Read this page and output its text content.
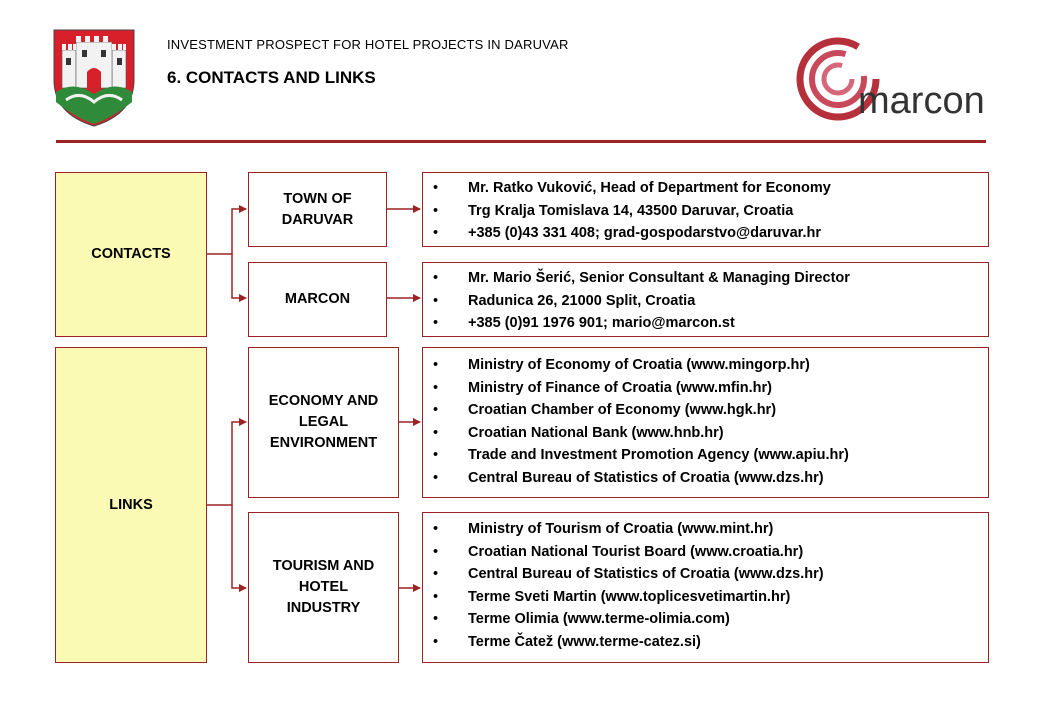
INVESTMENT PROSPECT FOR HOTEL PROJECTS IN DARUVAR
6. CONTACTS AND LINKS
marcon
CONTACTS
TOWN OF DARUVAR
• Mr. Ratko Vuković, Head of Department for Economy
• Trg Kralja Tomislava 14, 43500 Daruvar, Croatia
• +385 (0)43 331 408; grad-gospodarstvo@daruvar.hr
MARCON
• Mr. Mario Šerić, Senior Consultant & Managing Director
• Radunica 26, 21000 Split, Croatia
• +385 (0)91 1976 901; mario@marcon.st
LINKS
ECONOMY AND LEGAL ENVIRONMENT
• Ministry of Economy of Croatia (www.mingorp.hr)
• Ministry of Finance of Croatia (www.mfin.hr)
• Croatian Chamber of Economy (www.hgk.hr)
• Croatian National Bank (www.hnb.hr)
• Trade and Investment Promotion Agency (www.apiu.hr)
• Central Bureau of Statistics of Croatia (www.dzs.hr)
TOURISM AND HOTEL INDUSTRY
• Ministry of Tourism of Croatia (www.mint.hr)
• Croatian National Tourist Board (www.croatia.hr)
• Central Bureau of Statistics of Croatia (www.dzs.hr)
• Terme Sveti Martin (www.toplicesvetimartin.hr)
• Terme Olimia (www.terme-olimia.com)
• Terme Čatež (www.terme-catez.si)
